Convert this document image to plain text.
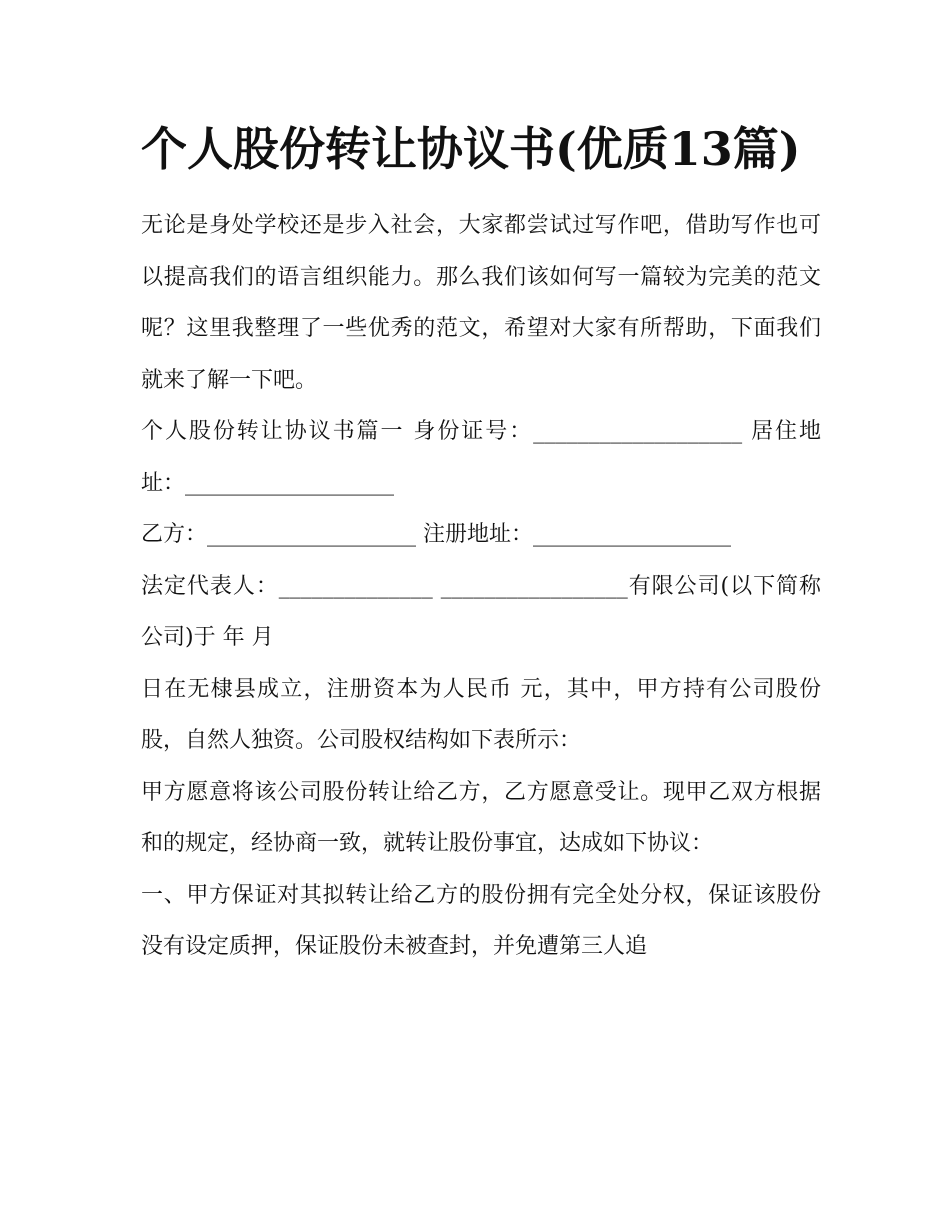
个人股份转让协议书(优质13篇)

无论是身处学校还是步入社会，大家都尝试过写作吧，借助写作也可以提高我们的语言组织能力。那么我们该如何写一篇较为完美的范文呢？这里我整理了一些优秀的范文，希望对大家有所帮助，下面我们就来了解一下吧。

个人股份转让协议书篇一 身份证号：___________________ 居住地址：___________________

乙方：___________________ 注册地址：__________________

法定代表人：______________ _________________有限公司(以下简称公司)于 年 月

日在无棣县成立，注册资本为人民币 元，其中，甲方持有公司股份股，自然人独资。公司股权结构如下表所示：

甲方愿意将该公司股份转让给乙方，乙方愿意受让。现甲乙双方根据和的规定，经协商一致，就转让股份事宜，达成如下协议：

一、甲方保证对其拟转让给乙方的股份拥有完全处分权，保证该股份没有设定质押，保证股份未被查封，并免遭第三人追
